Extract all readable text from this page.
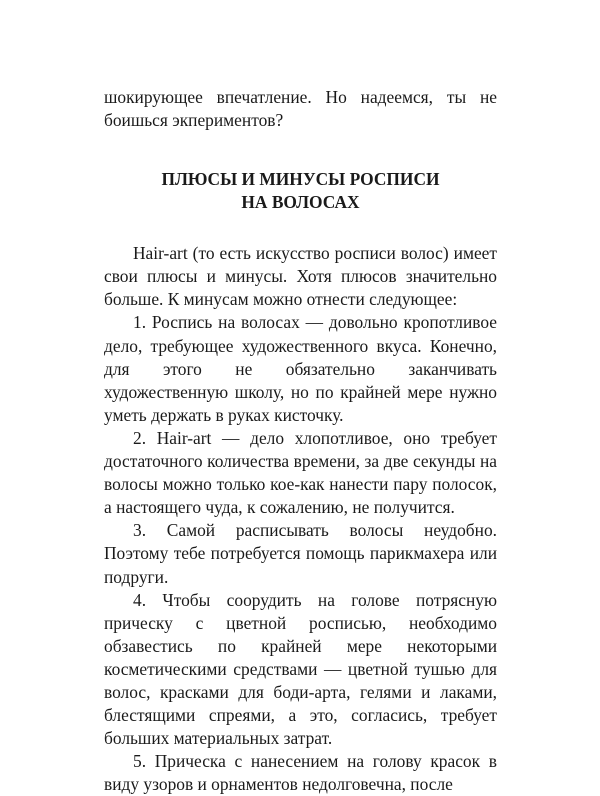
шокирующее впечатление. Но надеемся, ты не боишься экпериментов?

ПЛЮСЫ И МИНУСЫ РОСПИСИ
НА ВОЛОСАХ

Hair-art (то есть искусство росписи волос) имеет свои плюсы и минусы. Хотя плюсов значительно больше. К минусам можно отнести следующее:

1. Роспись на волосах — довольно кропотливое дело, требующее художественного вкуса. Конечно, для этого не обязательно заканчивать художественную школу, но по крайней мере нужно уметь держать в руках кисточку.

2. Hair-art — дело хлопотливое, оно требует достаточного количества времени, за две секунды на волосы можно только кое-как нанести пару полосок, а настоящего чуда, к сожалению, не получится.

3. Самой расписывать волосы неудобно. Поэтому тебе потребуется помощь парикмахера или подруги.

4. Чтобы соорудить на голове потрясную прическу с цветной росписью, необходимо обзавестись по крайней мере некоторыми косметическими средствами — цветной тушью для волос, красками для боди-арта, гелями и лаками, блестящими спреями, а это, согласись, требует больших материальных затрат.

5. Прическа с нанесением на голову красок в виду узоров и орнаментов недолговечна, после
